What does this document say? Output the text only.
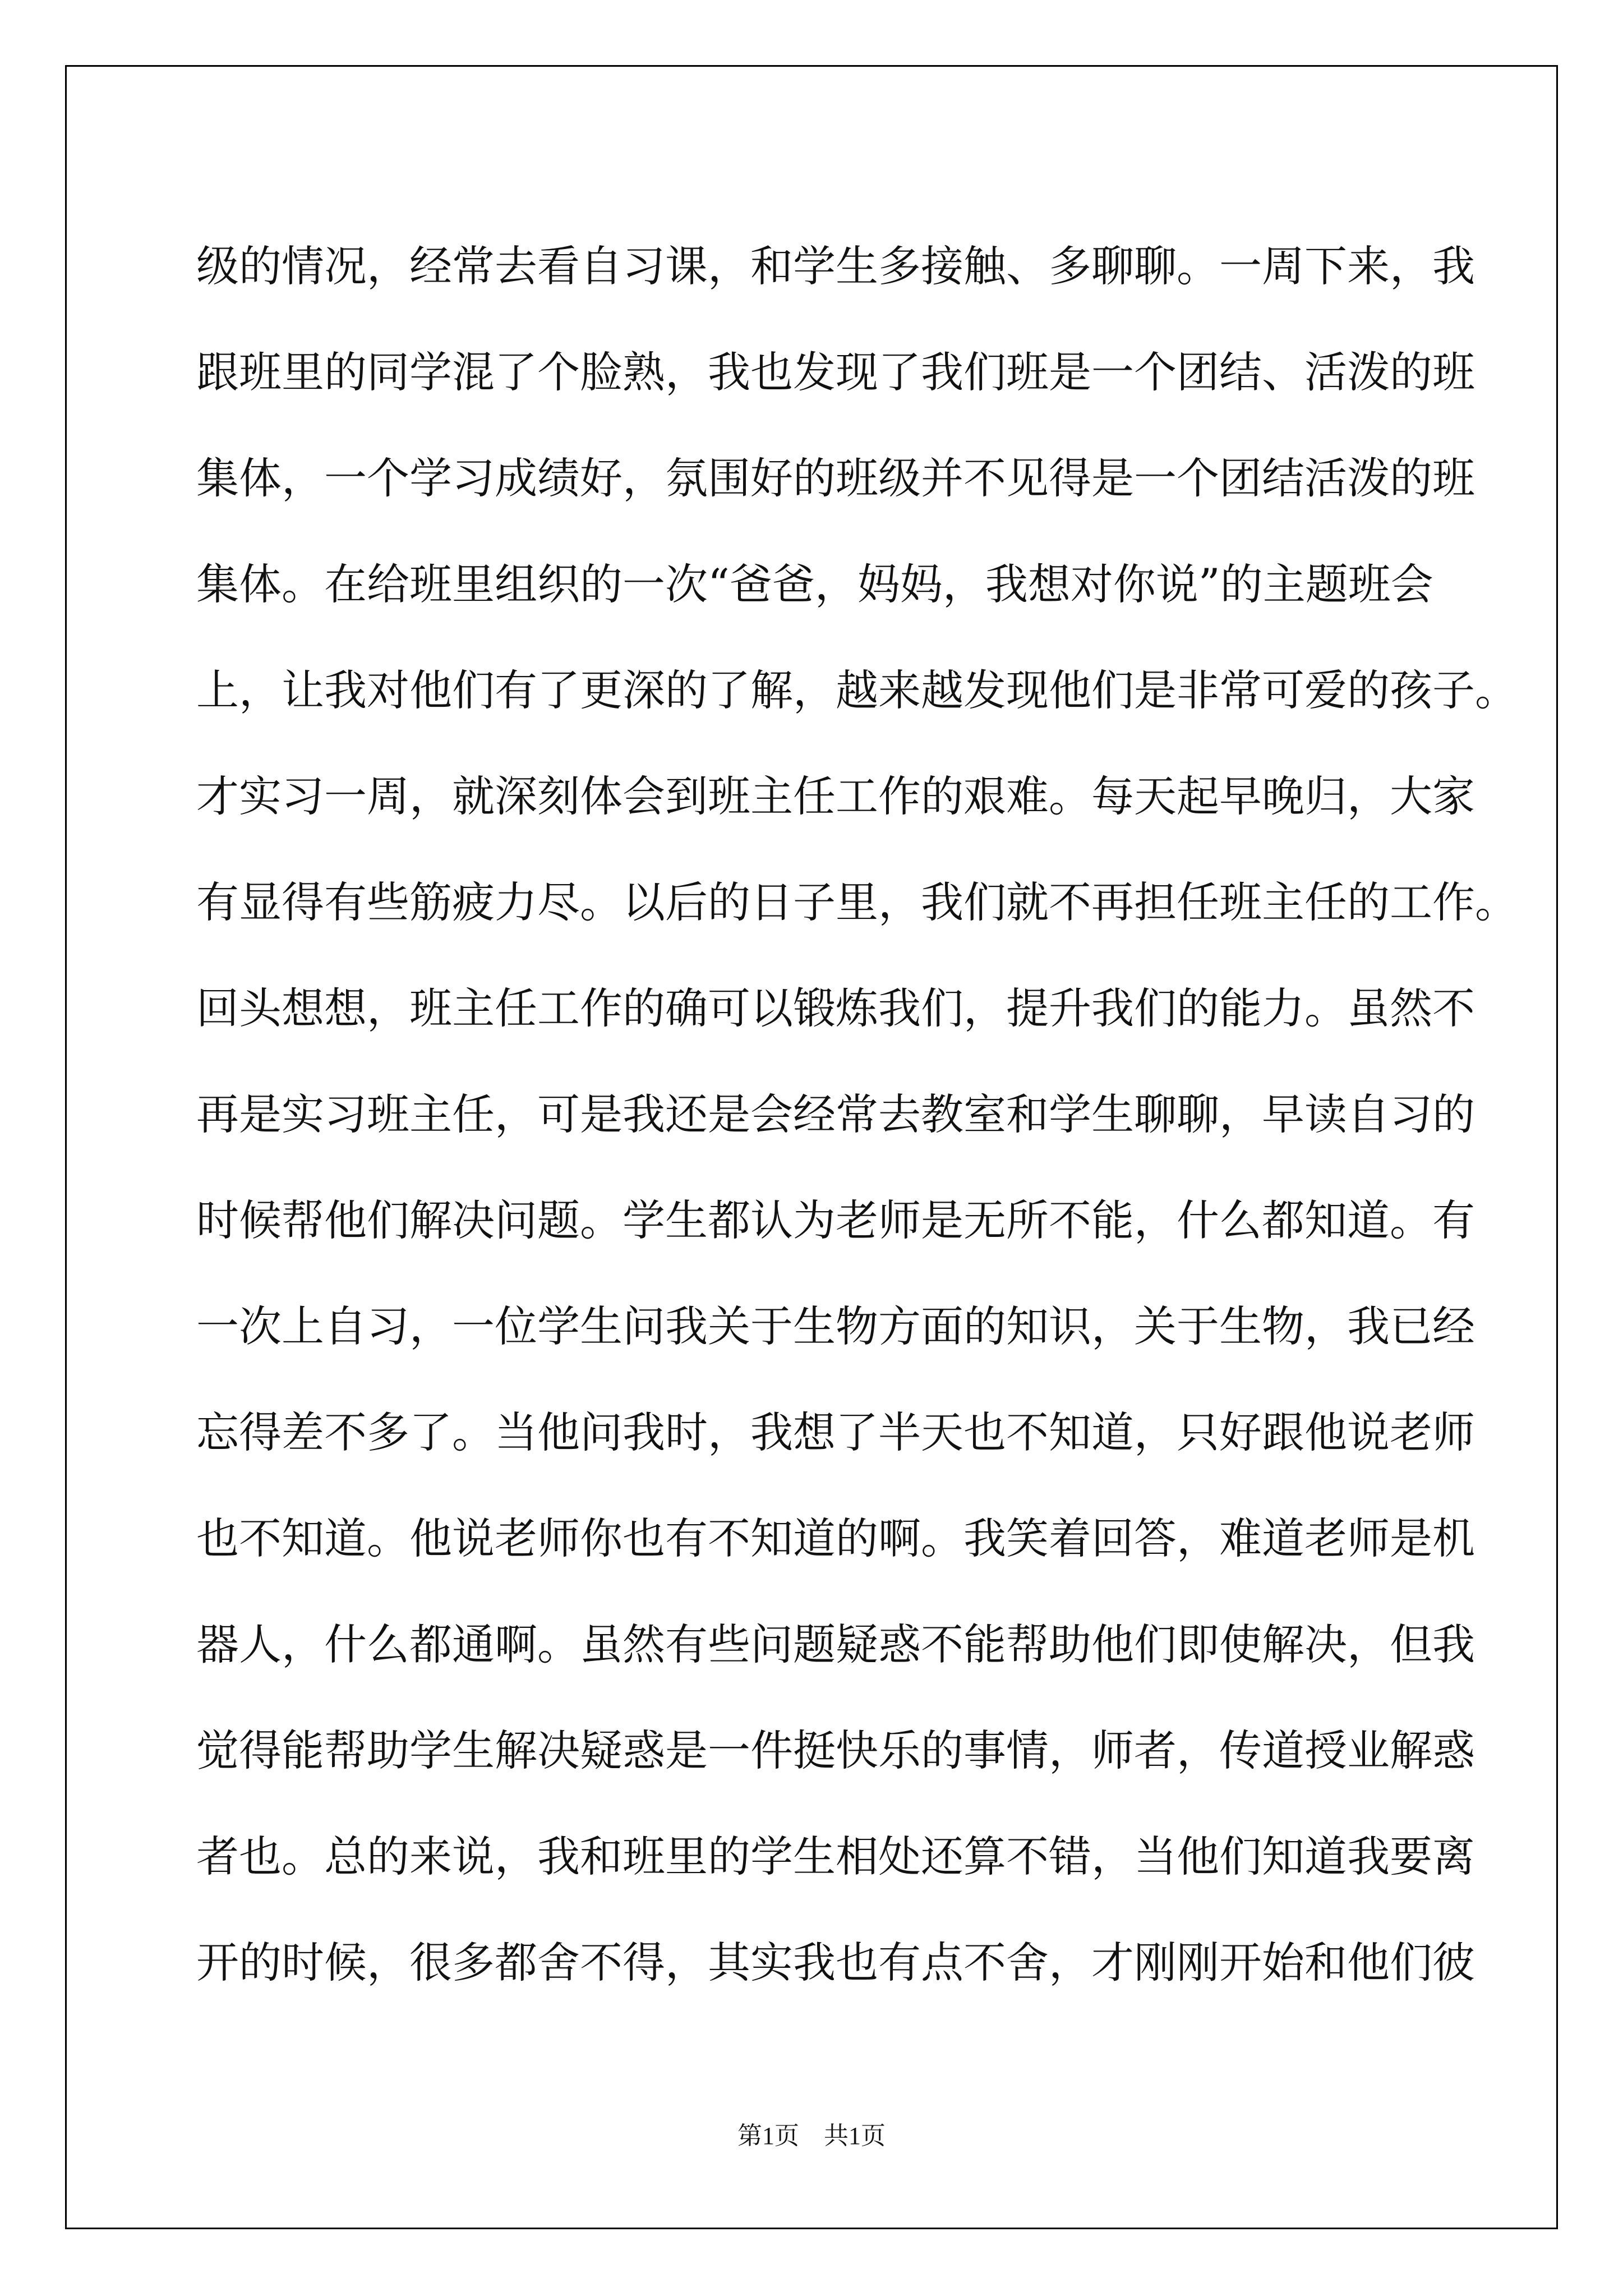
级的情况，经常去看自习课，和学生多接触、多聊聊。一周下来，我
跟班里的同学混了个脸熟，我也发现了我们班是一个团结、活泼的班
集体，一个学习成绩好，氛围好的班级并不见得是一个团结活泼的班
集体。在给班里组织的一次“爸爸，妈妈，我想对你说”的主题班会
上，让我对他们有了更深的了解，越来越发现他们是非常可爱的孩子。
才实习一周，就深刻体会到班主任工作的艰难。每天起早晚归，大家
有显得有些筋疲力尽。以后的日子里，我们就不再担任班主任的工作。
回头想想，班主任工作的确可以锻炼我们，提升我们的能力。虽然不
再是实习班主任，可是我还是会经常去教室和学生聊聊，早读自习的
时候帮他们解决问题。学生都认为老师是无所不能，什么都知道。有
一次上自习，一位学生问我关于生物方面的知识，关于生物，我已经
忘得差不多了。当他问我时，我想了半天也不知道，只好跟他说老师
也不知道。他说老师你也有不知道的啊。我笑着回答，难道老师是机
器人，什么都通啊。虽然有些问题疑惑不能帮助他们即使解决，但我
觉得能帮助学生解决疑惑是一件挺快乐的事情，师者，传道授业解惑
者也。总的来说，我和班里的学生相处还算不错，当他们知道我要离
开的时候，很多都舍不得，其实我也有点不舍，才刚刚开始和他们彼
第1页　共1页
